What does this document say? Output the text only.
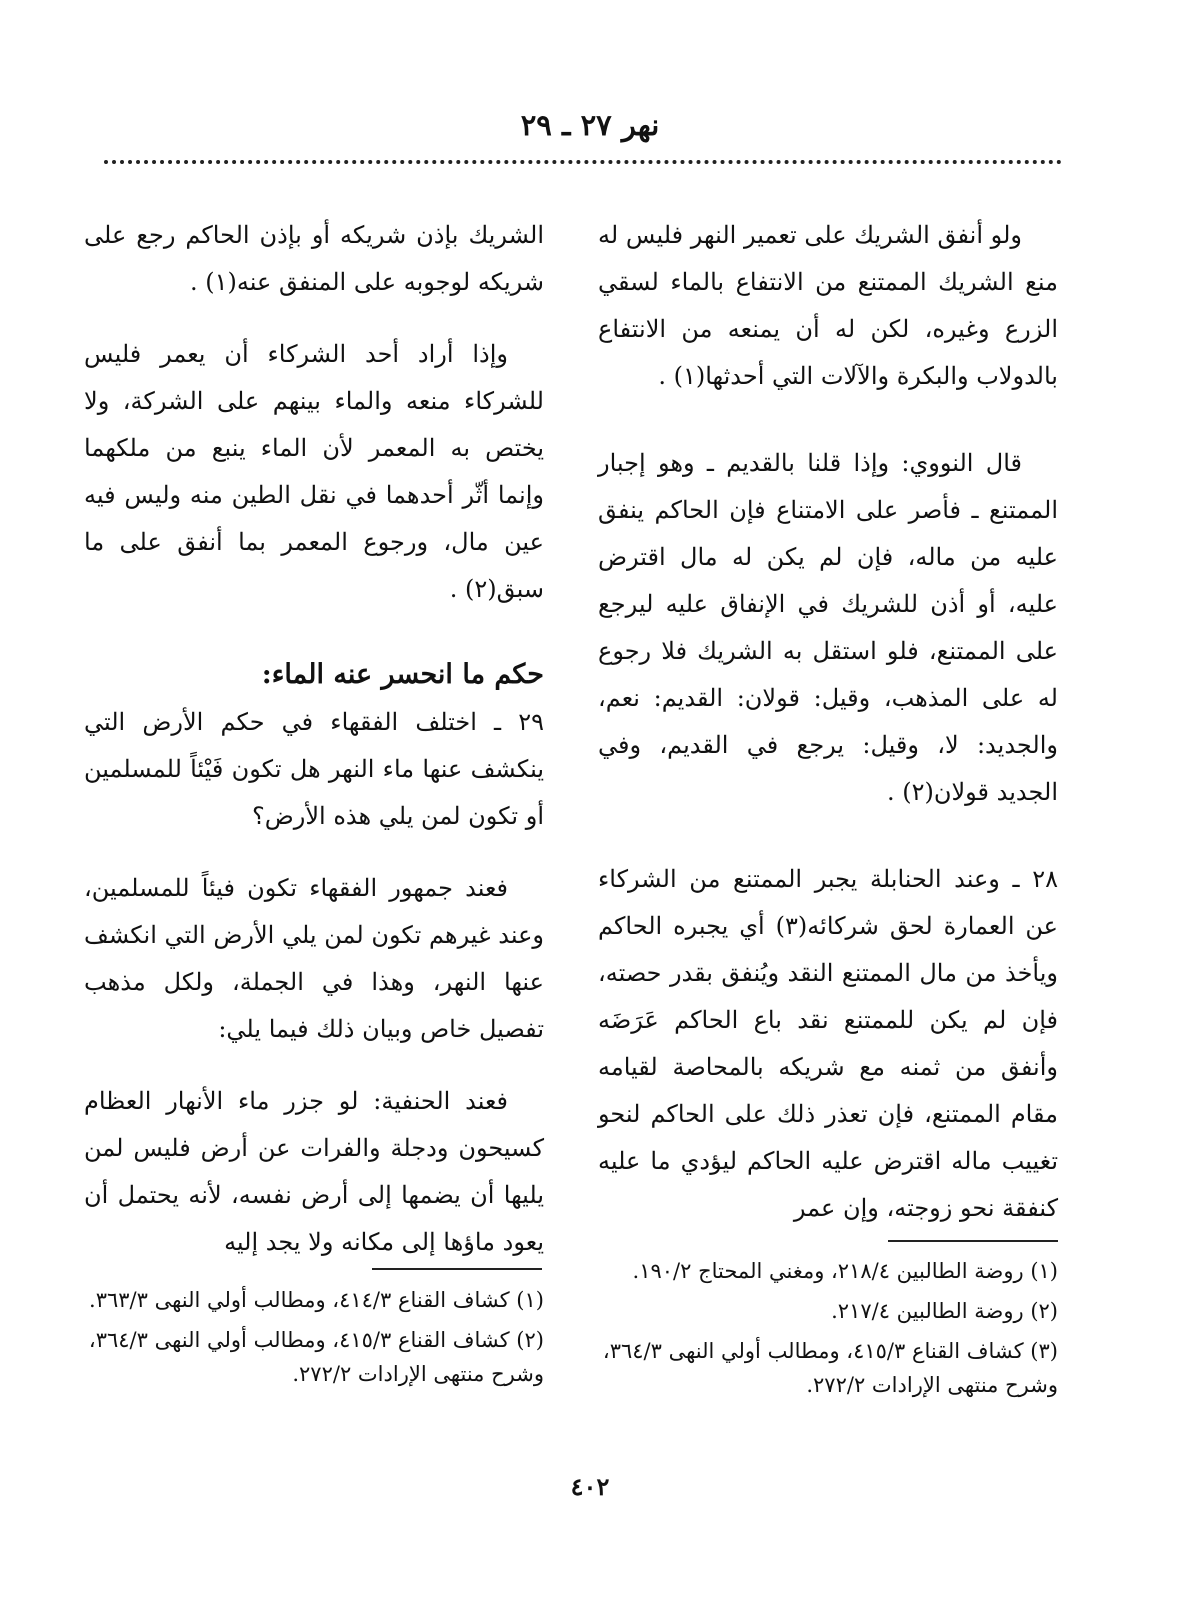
نهر ٢٧ ـ ٢٩

ولو أنفق الشريك على تعمير النهر فليس له منع الشريك الممتنع من الانتفاع بالماء لسقي الزرع وغيره، لكن له أن يمنعه من الانتفاع بالدولاب والبكرة والآلات التي أحدثها(١) .

قال النووي: وإذا قلنا بالقديم ـ وهو إجبار الممتنع ـ فأصر على الامتناع فإن الحاكم ينفق عليه من ماله، فإن لم يكن له مال اقترض عليه، أو أذن للشريك في الإنفاق عليه ليرجع على الممتنع، فلو استقل به الشريك فلا رجوع له على المذهب، وقيل: قولان: القديم: نعم، والجديد: لا، وقيل: يرجع في القديم، وفي الجديد قولان(٢) .

٢٨ ـ وعند الحنابلة يجبر الممتنع من الشركاء عن العمارة لحق شركائه(٣) أي يجبره الحاكم ويأخذ من مال الممتنع النقد ويُنفق بقدر حصته، فإن لم يكن للممتنع نقد باع الحاكم عَرَضَه وأنفق من ثمنه مع شريكه بالمحاصة لقيامه مقام الممتنع، فإن تعذر ذلك على الحاكم لنحو تغييب ماله اقترض عليه الحاكم ليؤدي ما عليه كنفقة نحو زوجته، وإن عمر

الشريك بإذن شريكه أو بإذن الحاكم رجع على شريكه لوجوبه على المنفق عنه(١) .

وإذا أراد أحد الشركاء أن يعمر فليس للشركاء منعه والماء بينهم على الشركة، ولا يختص به المعمر لأن الماء ينبع من ملكهما وإنما أثّر أحدهما في نقل الطين منه وليس فيه عين مال، ورجوع المعمر بما أنفق على ما سبق(٢) .

حكم ما انحسر عنه الماء:

٢٩ ـ اختلف الفقهاء في حكم الأرض التي ينكشف عنها ماء النهر هل تكون فَيْئاً للمسلمين أو تكون لمن يلي هذه الأرض؟

فعند جمهور الفقهاء تكون فيئاً للمسلمين، وعند غيرهم تكون لمن يلي الأرض التي انكشف عنها النهر، وهذا في الجملة، ولكل مذهب تفصيل خاص وبيان ذلك فيما يلي:

فعند الحنفية: لو جزر ماء الأنهار العظام كسيحون ودجلة والفرات عن أرض فليس لمن يليها أن يضمها إلى أرض نفسه، لأنه يحتمل أن يعود ماؤها إلى مكانه ولا يجد إليه

(١) روضة الطالبين ٢١٨/٤، ومغني المحتاج ١٩٠/٢.
(٢) روضة الطالبين ٢١٧/٤.
(٣) كشاف القناع ٤١٥/٣، ومطالب أولي النهى ٣٦٤/٣، وشرح منتهى الإرادات ٢٧٢/٢.
(١) كشاف القناع ٤١٤/٣، ومطالب أولي النهى ٣٦٣/٣.
(٢) كشاف القناع ٤١٥/٣، ومطالب أولي النهى ٣٦٤/٣، وشرح منتهى الإرادات ٢٧٢/٢.
٤٠٢
